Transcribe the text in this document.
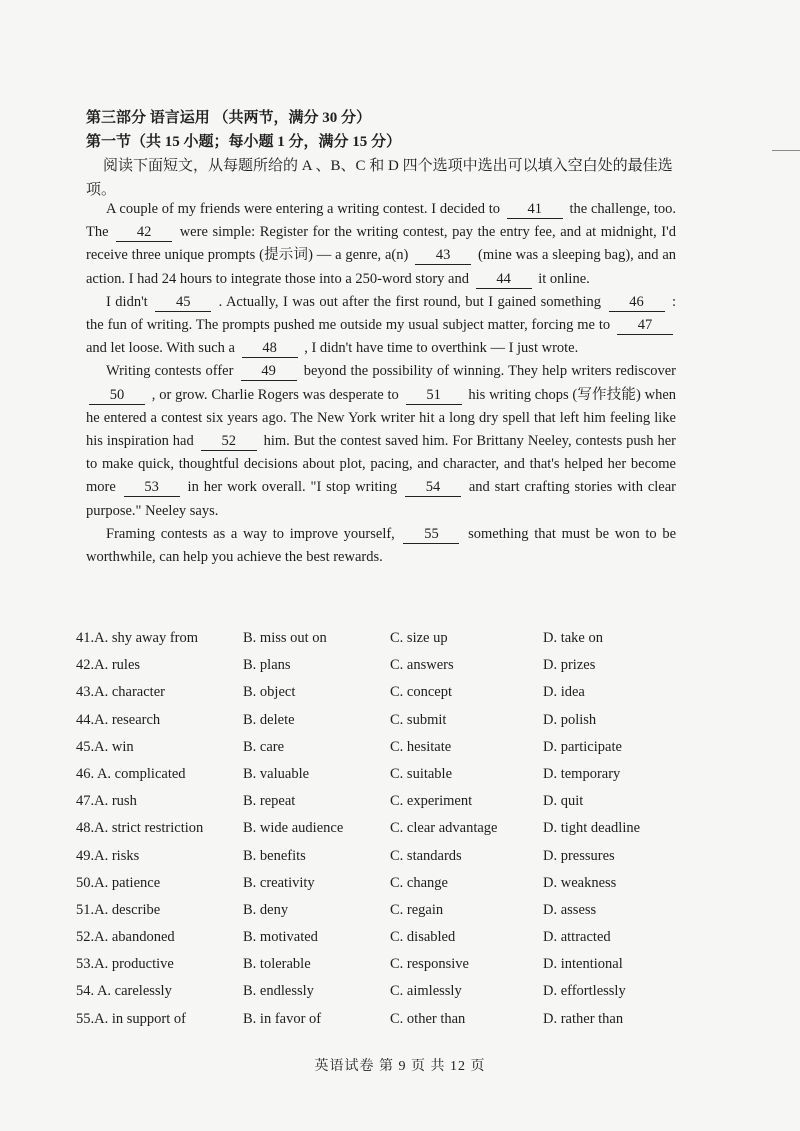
第三部分 语言运用 （共两节，满分 30 分）
第一节（共 15 小题；每小题 1 分，满分 15 分）
阅读下面短文，从每题所给的 A 、B、C 和 D 四个选项中选出可以填入空白处的最佳选项。

A couple of my friends were entering a writing contest. I decided to 41 the challenge, too. The 42 were simple: Register for the writing contest, pay the entry fee, and at midnight, I'd receive three unique prompts (提示词) — a genre, a(n) 43 (mine was a sleeping bag), and an action. I had 24 hours to integrate those into a 250-word story and 44 it online.

I didn't 45 . Actually, I was out after the first round, but I gained something 46 : the fun of writing. The prompts pushed me outside my usual subject matter, forcing me to 47 and let loose. With such a 48 , I didn't have time to overthink — I just wrote.

Writing contests offer 49 beyond the possibility of winning. They help writers rediscover 50 , or grow. Charlie Rogers was desperate to 51 his writing chops (写作技能) when he entered a contest six years ago. The New York writer hit a long dry spell that left him feeling like his inspiration had 52 him. But the contest saved him. For Brittany Neeley, contests push her to make quick, thoughtful decisions about plot, pacing, and character, and that's helped her become more 53 in her work overall. "I stop writing 54 and start crafting stories with clear purpose." Neeley says.

Framing contests as a way to improve yourself, 55 something that must be won to be worthwhile, can help you achieve the best rewards.

41.A. shy away from	B. miss out on	C. size up	D. take on
42.A. rules	B. plans	C. answers	D. prizes
43.A. character	B. object	C. concept	D. idea
44.A. research	B. delete	C. submit	D. polish
45.A. win	B. care	C. hesitate	D. participate
46. A. complicated	B. valuable	C. suitable	D. temporary
47.A. rush	B. repeat	C. experiment	D. quit
48.A. strict restriction	B. wide audience	C. clear advantage	D. tight deadline
49.A. risks	B. benefits	C. standards	D. pressures
50.A. patience	B. creativity	C. change	D. weakness
51.A. describe	B. deny	C. regain	D. assess
52.A. abandoned	B. motivated	C. disabled	D. attracted
53.A. productive	B. tolerable	C. responsive	D. intentional
54. A. carelessly	B. endlessly	C. aimlessly	D. effortlessly
55.A. in support of	B. in favor of	C. other than	D. rather than
英语试卷 第 9 页 共 12 页
